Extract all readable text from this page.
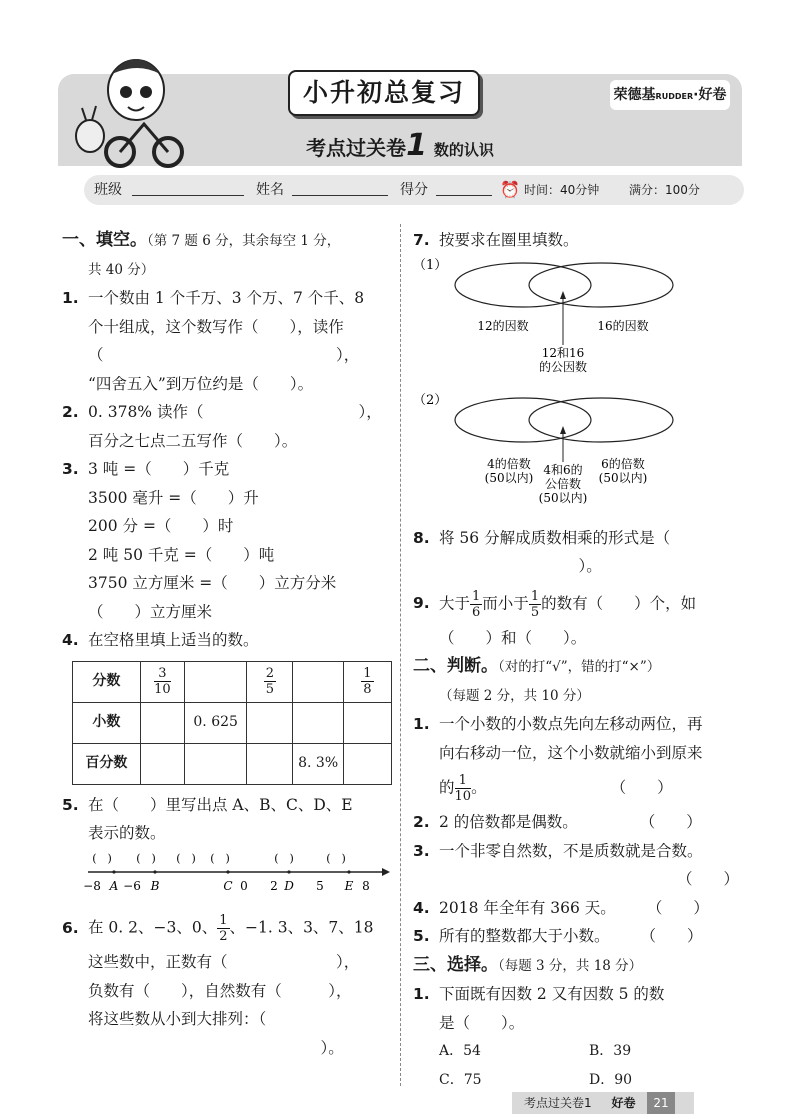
小升初总复习
考点过关卷1 数的认识
荣德基RUDDER·好卷
班级	姓名	得分	⏰ 时间：40分钟 满分：100分
一、填空。（第 7 题 6 分，其余每空 1 分，
共 40 分）
1. 一个数由 1 个千万、3 个万、7 个千、8
个十组成，这个数写作（　　），读作
（　　　　　　　　　　　　　　　），
“四舍五入”到万位约是（　　）。
2. 0. 378% 读作（　　　　　　　　　　），
百分之七点二五写作（　　）。
3. 3 吨 =（　　）千克
3500 毫升 =（　　）升
200 分 =（　　）时
2 吨 50 千克 =（　　）吨
3750 立方厘米 =（　　）立方分米
（　　）立方厘米
4. 在空格里填上适当的数。
分数	$\frac{3}{10}$		$\frac{2}{5}$		$\frac{1}{8}$

小数		0. 625			
百分数				8. 3%	
5. 在（　　）里写出点 A、B、C、D、E
表示的数。
(　) (　) (　) (　)	(　)	(　)
−8 A −6 B	C 0 2 D 5 E 8
6. 在 0. 2、−3、0、 $\frac{1}{2}$ 、−1. 3、3、7、18
这些数中，正数有（　　　　　　　），
负数有（　　），自然数有（　　　），
将这些数从小到大排列：（
　　　　　　　　　　　　　　　）。
7. 按要求在圈里填数。
（1）
12的因数	16的因数
12和16
的公因数

（2）
4的倍数
(50以内)
6的倍数
(50以内)
4和6的
公倍数
(50以内)
8. 将 56 分解成质数相乘的形式是（
　　　　　　　　　）。
9. 大于 $\frac{1}{6}$ 而小于 $\frac{1}{5}$ 的数有（　　）个，如
（　　）和（　　）。
二、判断。（对的打“√”，错的打“×”）
（每题 2 分，共 10 分）
1. 一个小数的小数点先向左移动两位，再
向右移动一位，这个小数就缩小到原来
的 $\frac{1}{10}$ 。　　　　　　　　　（　　）
2. 2 的倍数都是偶数。　　　　　（　　）
3. 一个非零自然数，不是质数就是合数。
（　　）
4. 2018 年全年有 366 天。　　　（　　）
5. 所有的整数都大于小数。　　　（　　）
三、选择。（每题 3 分，共 18 分）
1. 下面既有因数 2 又有因数 5 的数
是（　　）。
A．54	B．39
C．75	D．90
考点过关卷1 好卷 21
